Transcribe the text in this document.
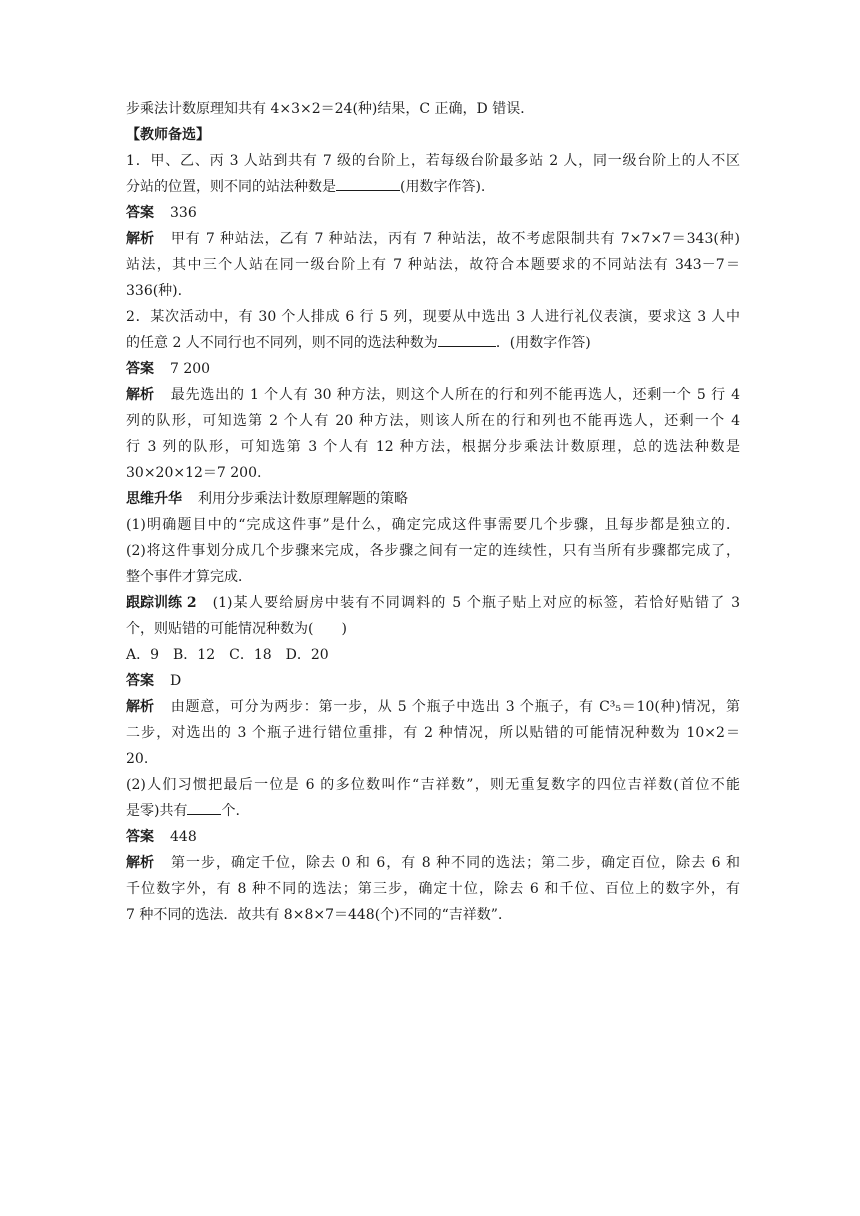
步乘法计数原理知共有 4×3×2＝24(种)结果，C 正确，D 错误．
【教师备选】
1．甲、乙、丙 3 人站到共有 7 级的台阶上，若每级台阶最多站 2 人，同一级台阶上的人不区
分站的位置，则不同的站法种数是	(用数字作答).
答案 336
解析 甲有 7 种站法，乙有 7 种站法，丙有 7 种站法，故不考虑限制共有 7×7×7＝343(种)
站法，其中三个人站在同一级台阶上有 7 种站法，故符合本题要求的不同站法有 343－7＝
336(种).
2．某次活动中，有 30 个人排成 6 行 5 列，现要从中选出 3 人进行礼仪表演，要求这 3 人中
的任意 2 人不同行也不同列，则不同的选法种数为	．(用数字作答)
答案 7 200
解析 最先选出的 1 个人有 30 种方法，则这个人所在的行和列不能再选人，还剩一个 5 行 4
列的队形，可知选第 2 个人有 20 种方法，则该人所在的行和列也不能再选人，还剩一个 4
行 3 列的队形，可知选第 3 个人有 12 种方法，根据分步乘法计数原理，总的选法种数是
30×20×12＝7 200.
思维升华 利用分步乘法计数原理解题的策略
(1)明确题目中的“完成这件事”是什么，确定完成这件事需要几个步骤，且每步都是独立的．
(2)将这件事划分成几个步骤来完成，各步骤之间有一定的连续性，只有当所有步骤都完成了，
整个事件才算完成．
跟踪训练 2 (1)某人要给厨房中装有不同调料的 5 个瓶子贴上对应的标签，若恰好贴错了 3
个，则贴错的可能情况种数为(　　)
A．9　B．12　C．18　D．20
答案 D
解析 由题意，可分为两步：第一步，从 5 个瓶子中选出 3 个瓶子，有 C³₅＝10(种)情况，第
二步，对选出的 3 个瓶子进行错位重排，有 2 种情况，所以贴错的可能情况种数为 10×2＝
20.
(2)人们习惯把最后一位是 6 的多位数叫作“吉祥数”，则无重复数字的四位吉祥数(首位不能
是零)共有 个.
答案 448
解析 第一步，确定千位，除去 0 和 6，有 8 种不同的选法；第二步，确定百位，除去 6 和
千位数字外，有 8 种不同的选法；第三步，确定十位，除去 6 和千位、百位上的数字外，有
7 种不同的选法．故共有 8×8×7＝448(个)不同的“吉祥数”．
